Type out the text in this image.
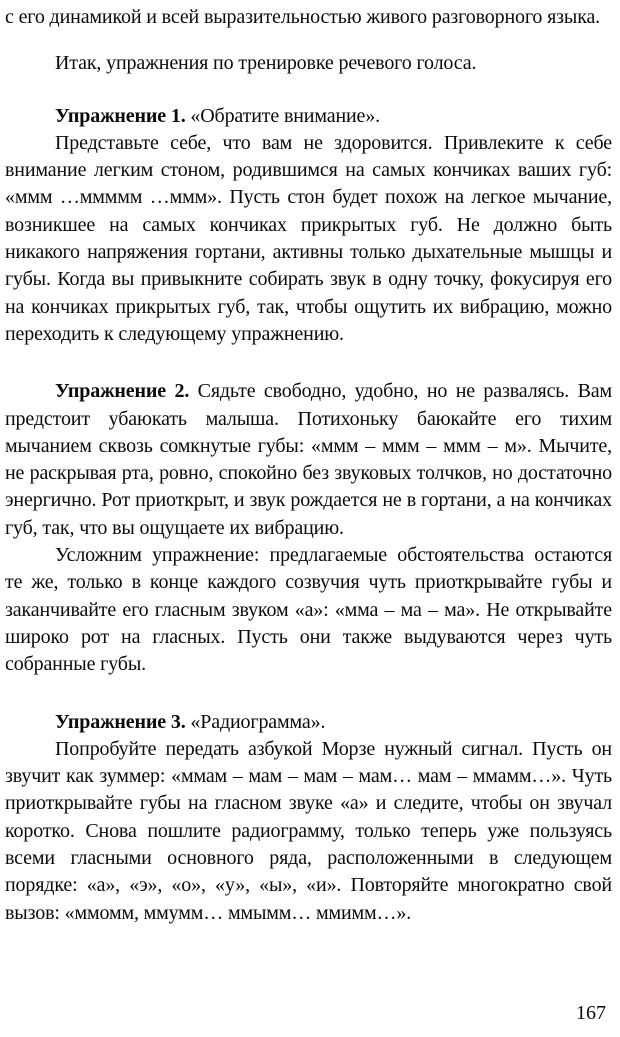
с его динамикой и всей выразительностью живого разговорного языка.

Итак, упражнения по тренировке речевого голоса.

Упражнение 1. «Обратите внимание».

Представьте себе, что вам не здоровится. Привлеките к себе внимание легким стоном, родившимся на самых кончиках ваших губ: «ммм …ммммм …ммм». Пусть стон будет похож на легкое мычание, возникшее на самых кончиках прикрытых губ. Не должно быть никакого напряжения гортани, активны только дыхательные мышцы и губы. Когда вы привыкните собирать звук в одну точку, фокусируя его на кончиках прикрытых губ, так, чтобы ощутить их вибрацию, можно переходить к следующему упражнению.

Упражнение 2. Сядьте свободно, удобно, но не развалясь. Вам предстоит убаюкать малыша. Потихоньку баюкайте его тихим мычанием сквозь сомкнутые губы: «ммм – ммм – ммм – м». Мычите, не раскрывая рта, ровно, спокойно без звуковых толчков, но достаточно энергично. Рот приоткрыт, и звук рождается не в гортани, а на кончиках губ, так, что вы ощущаете их вибрацию.

Усложним упражнение: предлагаемые обстоятельства остаются те же, только в конце каждого созвучия чуть приоткрывайте губы и заканчивайте его гласным звуком «а»: «мма – ма – ма». Не открывайте широко рот на гласных. Пусть они также выдуваются через чуть собранные губы.

Упражнение 3. «Радиограмма».

Попробуйте передать азбукой Морзе нужный сигнал. Пусть он звучит как зуммер: «ммам – мам – мам – мам… мам – ммамм…». Чуть приоткрывайте губы на гласном звуке «а» и следите, чтобы он звучал коротко. Снова пошлите радиограмму, только теперь уже пользуясь всеми гласными основного ряда, расположенными в следующем порядке: «а», «э», «о», «у», «ы», «и». Повторяйте многократно свой вызов: «ммомм, ммумм… ммымм… ммимм…».

167
